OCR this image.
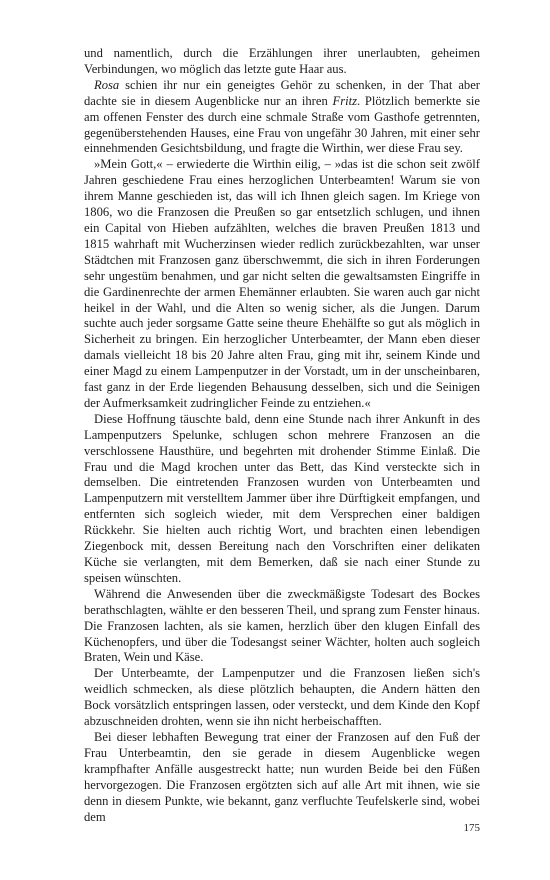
und namentlich, durch die Erzählungen ihrer unerlaubten, geheimen Verbindungen, wo möglich das letzte gute Haar aus.

Rosa schien ihr nur ein geneigtes Gehör zu schenken, in der That aber dachte sie in diesem Augenblicke nur an ihren Fritz. Plötzlich bemerkte sie am offenen Fenster des durch eine schmale Straße vom Gasthofe getrennten, gegenüberstehenden Hauses, eine Frau von ungefähr 30 Jahren, mit einer sehr einnehmenden Gesichtsbildung, und fragte die Wirthin, wer diese Frau sey.

»Mein Gott,« – erwiederte die Wirthin eilig, – »das ist die schon seit zwölf Jahren geschiedene Frau eines herzoglichen Unterbeamten! Warum sie von ihrem Manne geschieden ist, das will ich Ihnen gleich sagen. Im Kriege von 1806, wo die Franzosen die Preußen so gar entsetzlich schlugen, und ihnen ein Capital von Hieben aufzählten, welches die braven Preußen 1813 und 1815 wahrhaft mit Wucherzinsen wieder redlich zurückbezahlten, war unser Städtchen mit Franzosen ganz überschwemmt, die sich in ihren Forderungen sehr ungestüm benahmen, und gar nicht selten die gewaltsamsten Eingriffe in die Gardinenrechte der armen Ehemänner erlaubten. Sie waren auch gar nicht heikel in der Wahl, und die Alten so wenig sicher, als die Jungen. Darum suchte auch jeder sorgsame Gatte seine theure Ehehälfte so gut als möglich in Sicherheit zu bringen. Ein herzoglicher Unterbeamter, der Mann eben dieser damals vielleicht 18 bis 20 Jahre alten Frau, ging mit ihr, seinem Kinde und einer Magd zu einem Lampenputzer in der Vorstadt, um in der unscheinbaren, fast ganz in der Erde liegenden Behausung desselben, sich und die Seinigen der Aufmerksamkeit zudringlicher Feinde zu entziehen.«

Diese Hoffnung täuschte bald, denn eine Stunde nach ihrer Ankunft in des Lampenputzers Spelunke, schlugen schon mehrere Franzosen an die verschlossene Hausthüre, und begehrten mit drohender Stimme Einlaß. Die Frau und die Magd krochen unter das Bett, das Kind versteckte sich in demselben. Die eintretenden Franzosen wurden von Unterbeamten und Lampenputzern mit verstelltem Jammer über ihre Dürftigkeit empfangen, und entfernten sich sogleich wieder, mit dem Versprechen einer baldigen Rückkehr. Sie hielten auch richtig Wort, und brachten einen lebendigen Ziegenbock mit, dessen Bereitung nach den Vorschriften einer delikaten Küche sie verlangten, mit dem Bemerken, daß sie nach einer Stunde zu speisen wünschten.

Während die Anwesenden über die zweckmäßigste Todesart des Bockes berathschlagten, wählte er den besseren Theil, und sprang zum Fenster hinaus. Die Franzosen lachten, als sie kamen, herzlich über den klugen Einfall des Küchenopfers, und über die Todesangst seiner Wächter, holten auch sogleich Braten, Wein und Käse.

Der Unterbeamte, der Lampenputzer und die Franzosen ließen sich's weidlich schmecken, als diese plötzlich behaupten, die Andern hätten den Bock vorsätzlich entspringen lassen, oder versteckt, und dem Kinde den Kopf abzuschneiden drohten, wenn sie ihn nicht herbeischafften.

Bei dieser lebhaften Bewegung trat einer der Franzosen auf den Fuß der Frau Unterbeamtin, den sie gerade in diesem Augenblicke wegen krampfhafter Anfälle ausgestreckt hatte; nun wurden Beide bei den Füßen hervorgezogen. Die Franzosen ergötzten sich auf alle Art mit ihnen, wie sie denn in diesem Punkte, wie bekannt, ganz verfluchte Teufelskerle sind, wobei dem

175
